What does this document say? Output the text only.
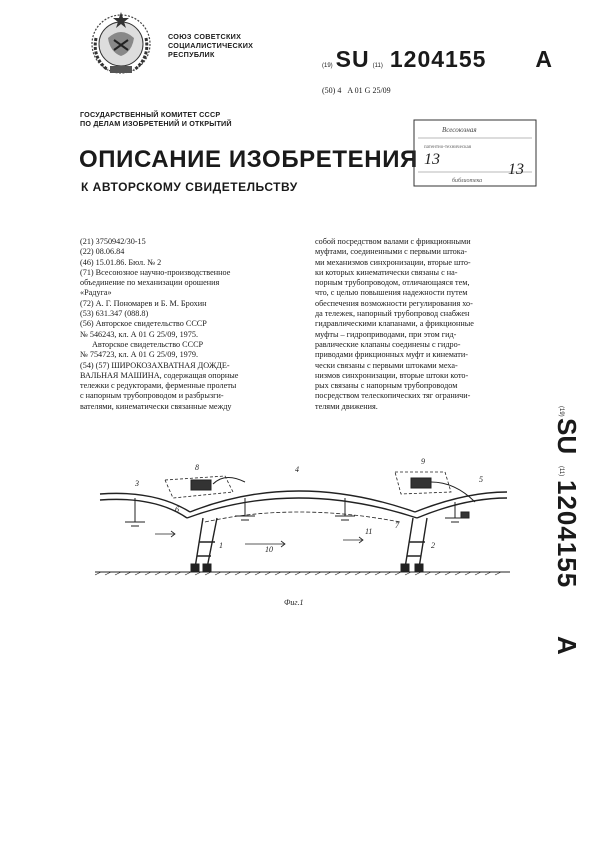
СОЮЗ СОВЕТСКИХ
СОЦИАЛИСТИЧЕСКИХ
РЕСПУБЛИК
(19) SU (11) 1204155 A
(50) 4 A 01 G 25/09
ГОСУДАРСТВЕННЫЙ КОМИТЕТ СССР
ПО ДЕЛАМ ИЗОБРЕТЕНИЙ И ОТКРЫТИЙ
ОПИСАНИЕ ИЗОБРЕТЕНИЯ
К АВТОРСКОМУ СВИДЕТЕЛЬСТВУ
Всесоюзная
патентно-техническая
13
13
библиотека
(21) 3750942/30-15
(22) 08.06.84
(46) 15.01.86. Бюл. № 2
(71) Всесоюзное научно-производственное
объединение по механизации орошения
«Радуга»
(72) А. Г. Пономарев и Б. М. Брохин
(53) 631.347 (088.8)
(56) Авторское свидетельство СССР
№ 546243, кл. А 01 G 25/09, 1975.
Авторское свидетельство СССР
№ 754723, кл. А 01 G 25/09, 1979.
(54) (57) ШИРОКОЗАХВАТНАЯ ДОЖДЕ-
ВАЛЬНАЯ МАШИНА, содержащая опорные
тележки с редукторами, ферменные пролеты
с напорным трубопроводом и разбрызги-
вателями, кинематически связанные между
собой посредством валами с фрикционными
муфтами, соединенными с первыми штока-
ми механизмов синхронизации, вторые што-
ки которых кинематически связаны с на-
порным трубопроводом, отличающаяся тем,
что, с целью повышения надежности путем
обеспечения возможности регулирования хо-
да тележек, напорный трубопровод снабжен
гидравлическими клапанами, а фрикционные
муфты – гидроприводами, при этом гид-
равлические клапаны соединены с гидро-
приводами фрикционных муфт и кинемати-
чески связаны с первыми штоками меха-
низмов синхронизации, вторые штоки кото-
рых связаны с напорным трубопроводом
посредством телескопических тяг ограничи-
телями движения.	(19)
SU
(11)
1204155
A
3
8	4
9
5
6
7
1	10	2
11
Фиг.1
